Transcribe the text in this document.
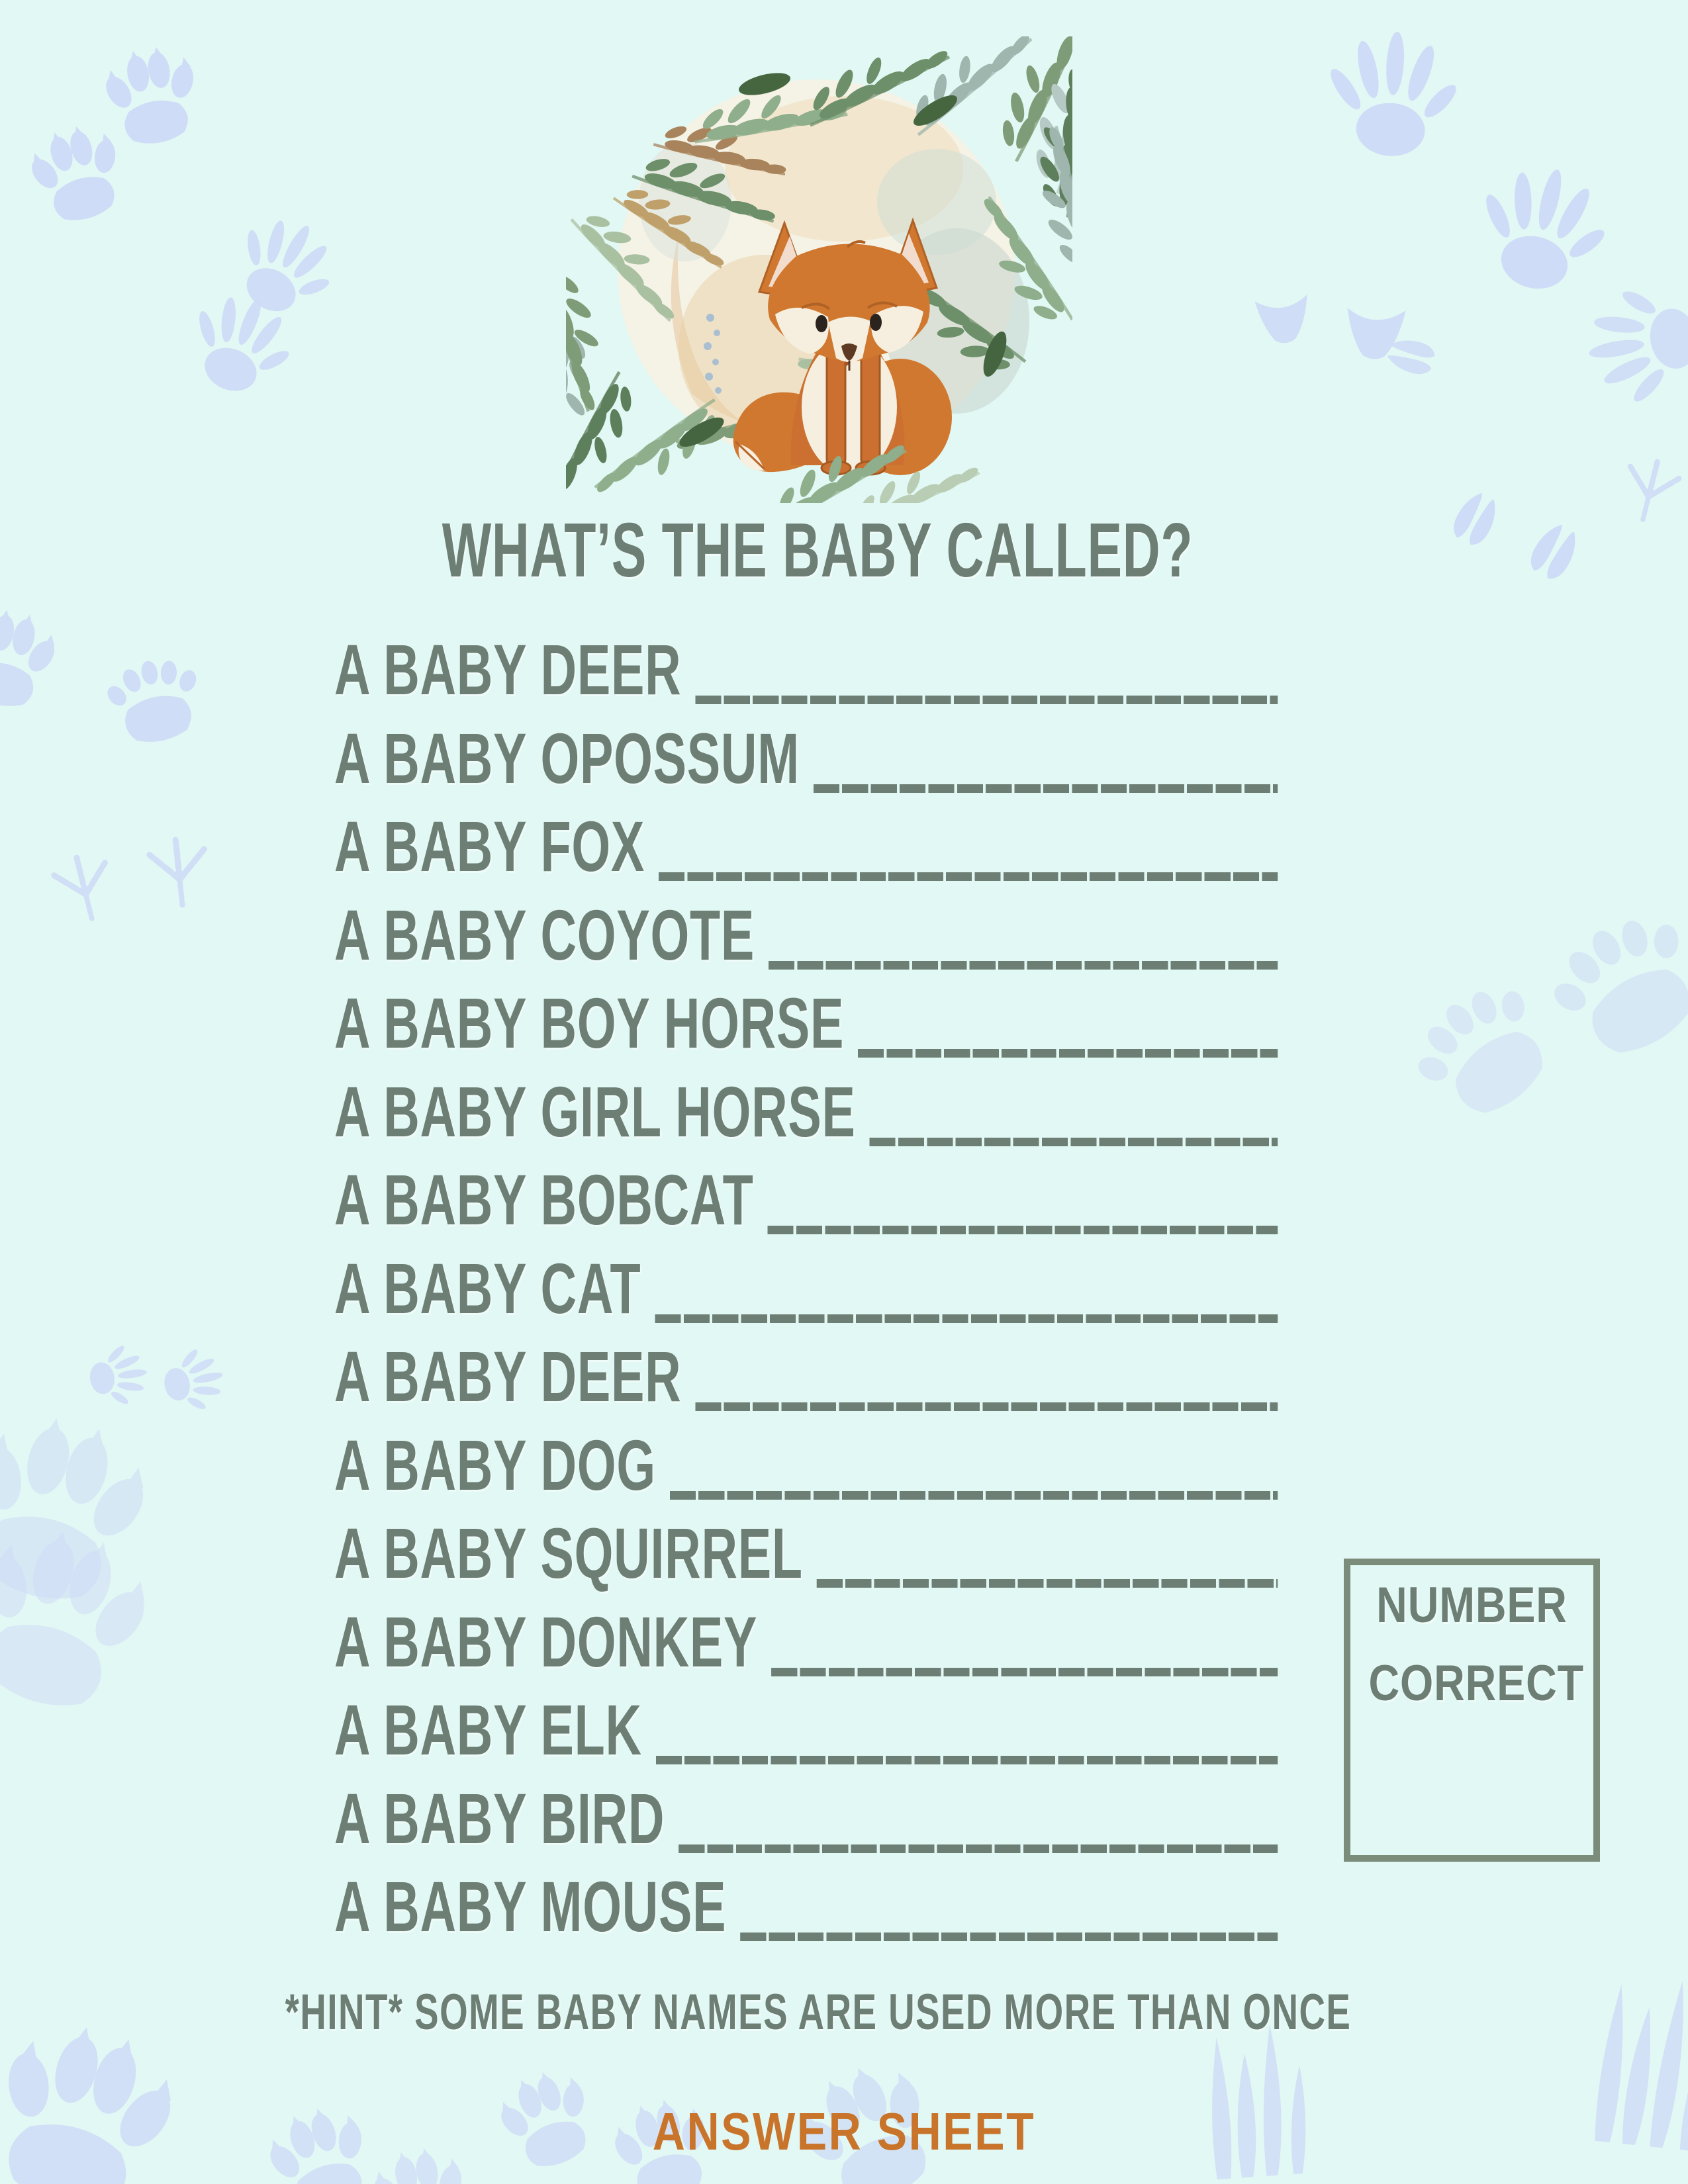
WHAT’S THE BABY CALLED?
A BABY DEER
A BABY OPOSSUM
A BABY FOX
A BABY COYOTE
A BABY BOY HORSE
A BABY GIRL HORSE
A BABY BOBCAT
A BABY CAT
A BABY DEER
A BABY DOG
A BABY SQUIRREL
A BABY DONKEY
A BABY ELK
A BABY BIRD
A BABY MOUSE
NUMBER
CORRECT
*HINT* SOME BABY NAMES ARE USED MORE THAN ONCE
ANSWER SHEET
